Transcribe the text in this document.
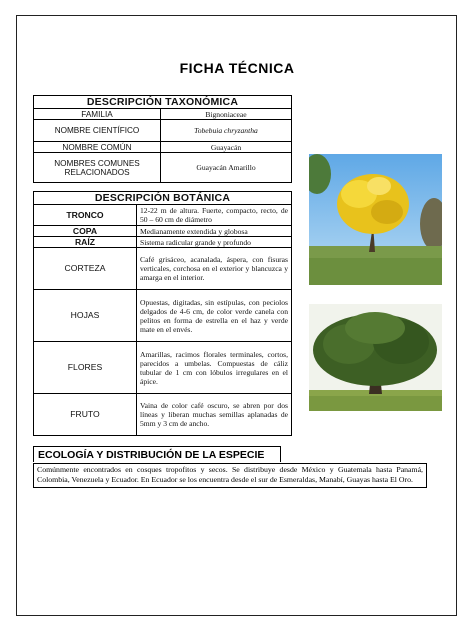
FICHA TÉCNICA
DESCRIPCIÓN TAXONÓMICA	
FAMILIA	Bignoniaceae
NOMBRE CIENTÍFICO	Tobebuia chryzantha
NOMBRE COMÚN	Guayacán
NOMBRES COMUNES RELACIONADOS	Guayacán Amarillo
DESCRIPCIÓN BOTÁNICA	
TRONCO	12-22 m de altura. Fuerte, compacto, recto, de 50 – 60 cm de diámetro
COPA	Medianamente extendida y globosa
RAÍZ	Sistema radicular grande y profundo
CORTEZA	Café grisáceo, acanalada, áspera, con fisuras verticales, corchosa en el exterior y blancuzca y amarga en el interior.
HOJAS	Opuestas, digitadas, sin estípulas, con peciolos delgados de 4-6 cm, de color verde canela con pelitos en forma de estrella en el haz y verde mate en el envés.
FLORES	Amarillas, racimos florales terminales, cortos, parecidos a umbelas. Compuestas de cáliz tubular de 1 cm con lóbulos irregulares en el ápice.
FRUTO	Vaina de color café oscuro, se abren por dos líneas y liberan muchas semillas aplanadas de 5mm y 3 cm de ancho.
ECOLOGÍA Y DISTRIBUCIÓN DE LA ESPECIE
Comúnmente encontrados en cosques tropofitos y secos. Se distribuye desde México y Guatemala hasta Panamá, Colombia, Venezuela y Ecuador. En Ecuador se los encuentra desde el sur de Esmeraldas, Manabí, Guayas hasta El Oro.
